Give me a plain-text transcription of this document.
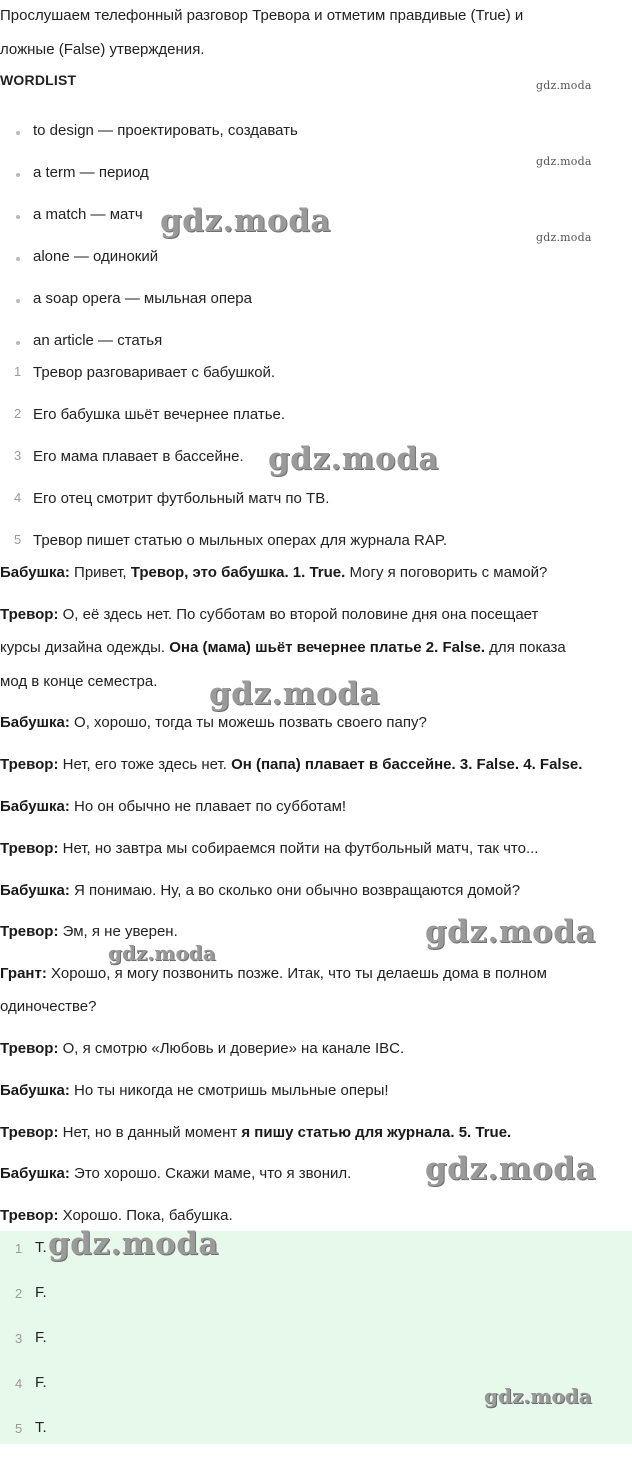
Прослушаем телефонный разговор Тревора и отметим правдивые (True) и
ложные (False) утверждения.
WORDLIST
to design — проектировать, создавать
a term — период
a match — матч
alone — одинокий
a soap opera — мыльная опера
an article — статья
1 Тревор разговаривает с бабушкой.
2 Его бабушка шьёт вечернее платье.
3 Его мама плавает в бассейне.
4 Его отец смотрит футбольный матч по ТВ.
5 Тревор пишет статью о мыльных операх для журнала RAP.
Бабушка: Привет, Тревор, это бабушка. 1. True. Могу я поговорить с мамой?
Тревор: О, её здесь нет. По субботам во второй половине дня она посещает
курсы дизайна одежды. Она (мама) шьёт вечернее платье 2. False. для показа
мод в конце семестра.
Бабушка: О, хорошо, тогда ты можешь позвать своего папу?
Тревор: Нет, его тоже здесь нет. Он (папа) плавает в бассейне. 3. False. 4. False.
Бабушка: Но он обычно не плавает по субботам!
Тревор: Нет, но завтра мы собираемся пойти на футбольный матч, так что...
Бабушка: Я понимаю. Ну, а во сколько они обычно возвращаются домой?
Тревор: Эм, я не уверен.
Грант: Хорошо, я могу позвонить позже. Итак, что ты делаешь дома в полном
одиночестве?
Тревор: О, я смотрю «Любовь и доверие» на канале IBC.
Бабушка: Но ты никогда не смотришь мыльные оперы!
Тревор: Нет, но в данный момент я пишу статью для журнала. 5. True.
Бабушка: Это хорошо. Скажи маме, что я звонил.
Тревор: Хорошо. Пока, бабушка.
1 T.
2 F.
3 F.
4 F.
5 T.
gdz.moda
gdz.moda
gdz.moda
gdz.moda
gdz.moda
gdz.moda
gdz.moda
gdz.moda
gdz.moda
gdz.moda
gdz.moda
